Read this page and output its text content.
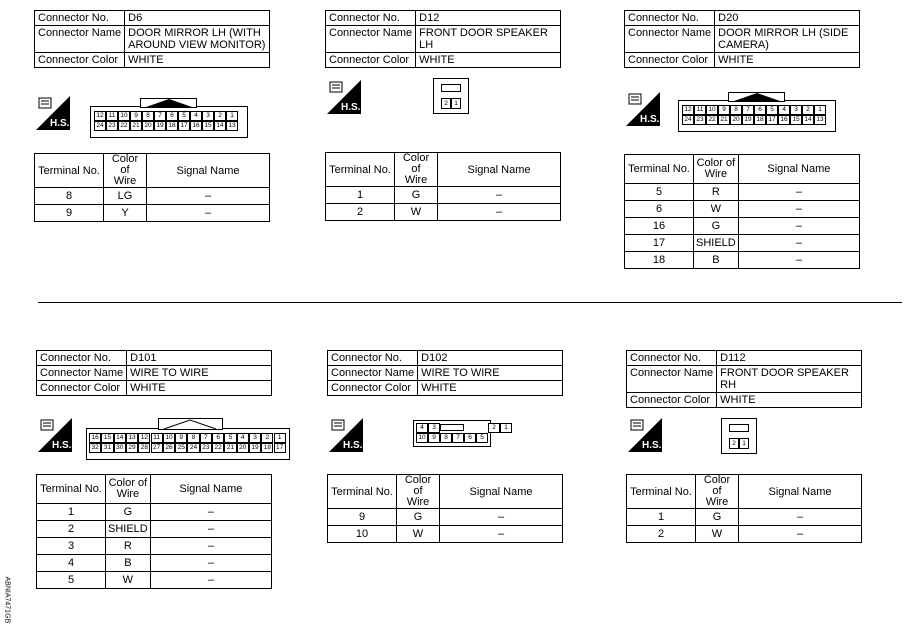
Connector No.	D6
Connector Name	DOOR MIRROR LH (WITH
AROUND VIEW MONITOR)
Connector Color	WHITE
H.S.
12 11 10	9	8	7	6	5	4	3	2	1
24 23 22 21 20 19 18 17 16 15 14 13
Terminal No.	Color of
Wire	Signal Name
8	LG	–
9	Y	–
Connector No.	D12
Connector Name	FRONT DOOR SPEAKER LH
Connector Color	WHITE
H.S.	2 1
Terminal No.	Color of
Wire	Signal Name
1	G	–
2	W	–
Connector No.	D20
Connector Name	DOOR MIRROR LH (SIDE
CAMERA)
Connector Color	WHITE
H.S.
12 11 10	9	8	7	6	5	4	3	2	1
24 23 22 21 20 19 18 17 16 15 14 13
Terminal No.	Color of
Wire	Signal Name
5	R	–
6	W	–
16	G	–
17	SHIELD	–
18	B	–
Connector No.	D101
Connector Name	WIRE TO WIRE
Connector Color	WHITE
H.S.
16 15 14 13 12 11 10	9	8	7	6	5	4	3	2	1
32 31 30 29 28 27 26 25 24 23 22 21 20 19 18 17
Terminal No.	Color of
Wire	Signal Name
1	G	–
2	SHIELD	–
3	R	–
4	B	–
5	W	–
Connector No.	D102
Connector Name	WIRE TO WIRE
Connector Color	WHITE
H.S.
4	3	2	1
10	9	8	7	6	5
Terminal No.	Color of
Wire	Signal Name
9	G	–
10	W	–
Connector No.	D112
Connector Name	FRONT DOOR SPEAKER RH
Connector Color	WHITE
H.S.	2 1
Terminal No.	Color of
Wire	Signal Name
1	G	–
2	W	–
ABNIA7471GB
